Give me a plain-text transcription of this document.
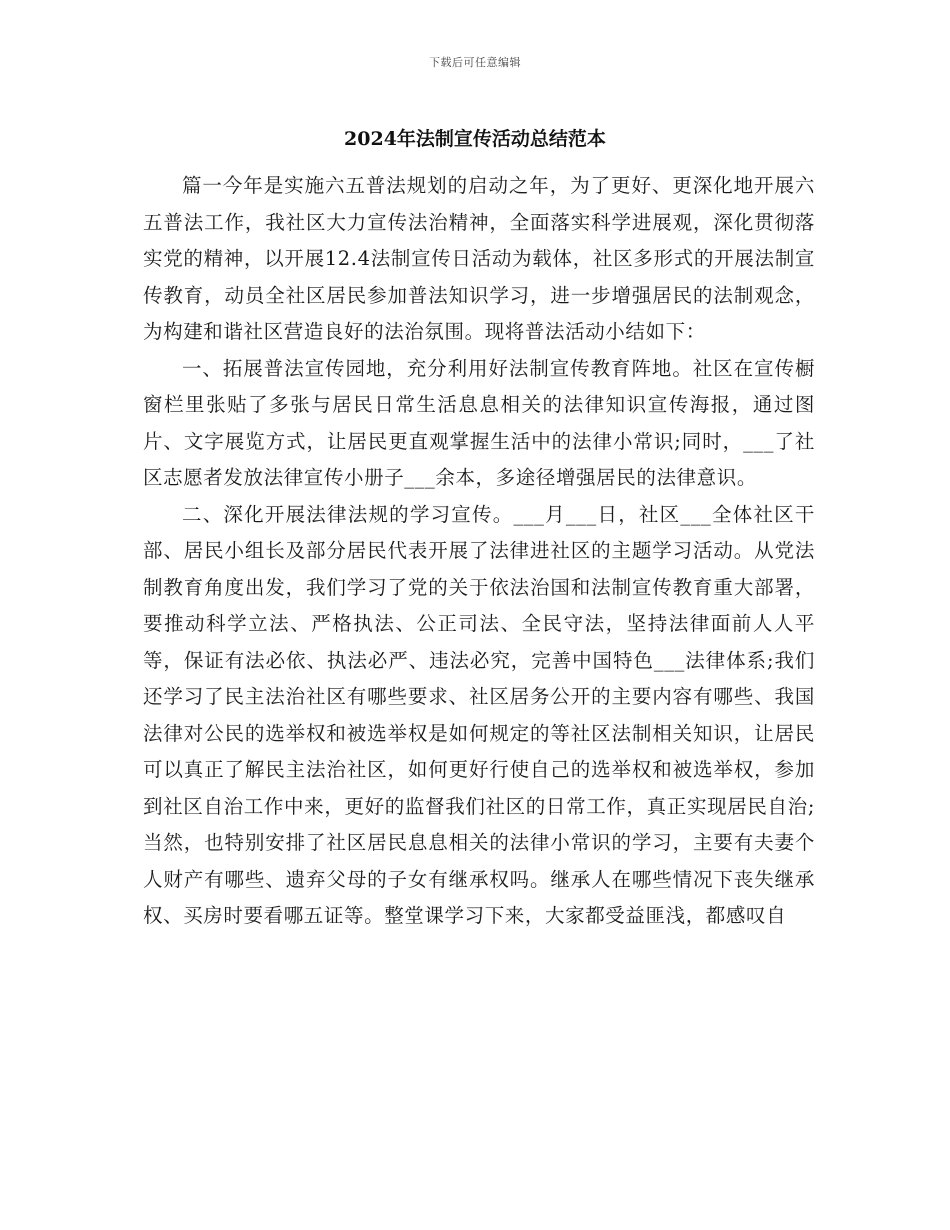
下载后可任意编辑
2024年法制宣传活动总结范本

篇一今年是实施六五普法规划的启动之年，为了更好、更深化地开展六五普法工作，我社区大力宣传法治精神，全面落实科学进展观，深化贯彻落实党的精神，以开展12.4法制宣传日活动为载体，社区多形式的开展法制宣传教育，动员全社区居民参加普法知识学习，进一步增强居民的法制观念，为构建和谐社区营造良好的法治氛围。现将普法活动小结如下：

一、拓展普法宣传园地，充分利用好法制宣传教育阵地。社区在宣传橱窗栏里张贴了多张与居民日常生活息息相关的法律知识宣传海报，通过图片、文字展览方式，让居民更直观掌握生活中的法律小常识;同时，___了社区志愿者发放法律宣传小册子___余本，多途径增强居民的法律意识。

二、深化开展法律法规的学习宣传。___月___日，社区___全体社区干部、居民小组长及部分居民代表开展了法律进社区的主题学习活动。从党法制教育角度出发，我们学习了党的关于依法治国和法制宣传教育重大部署，要推动科学立法、严格执法、公正司法、全民守法，坚持法律面前人人平等，保证有法必依、执法必严、违法必究，完善中国特色___法律体系;我们还学习了民主法治社区有哪些要求、社区居务公开的主要内容有哪些、我国法律对公民的选举权和被选举权是如何规定的等社区法制相关知识，让居民可以真正了解民主法治社区，如何更好行使自己的选举权和被选举权，参加到社区自治工作中来，更好的监督我们社区的日常工作，真正实现居民自治;当然，也特别安排了社区居民息息相关的法律小常识的学习，主要有夫妻个人财产有哪些、遗弃父母的子女有继承权吗。继承人在哪些情况下丧失继承权、买房时要看哪五证等。整堂课学习下来，大家都受益匪浅，都感叹自
